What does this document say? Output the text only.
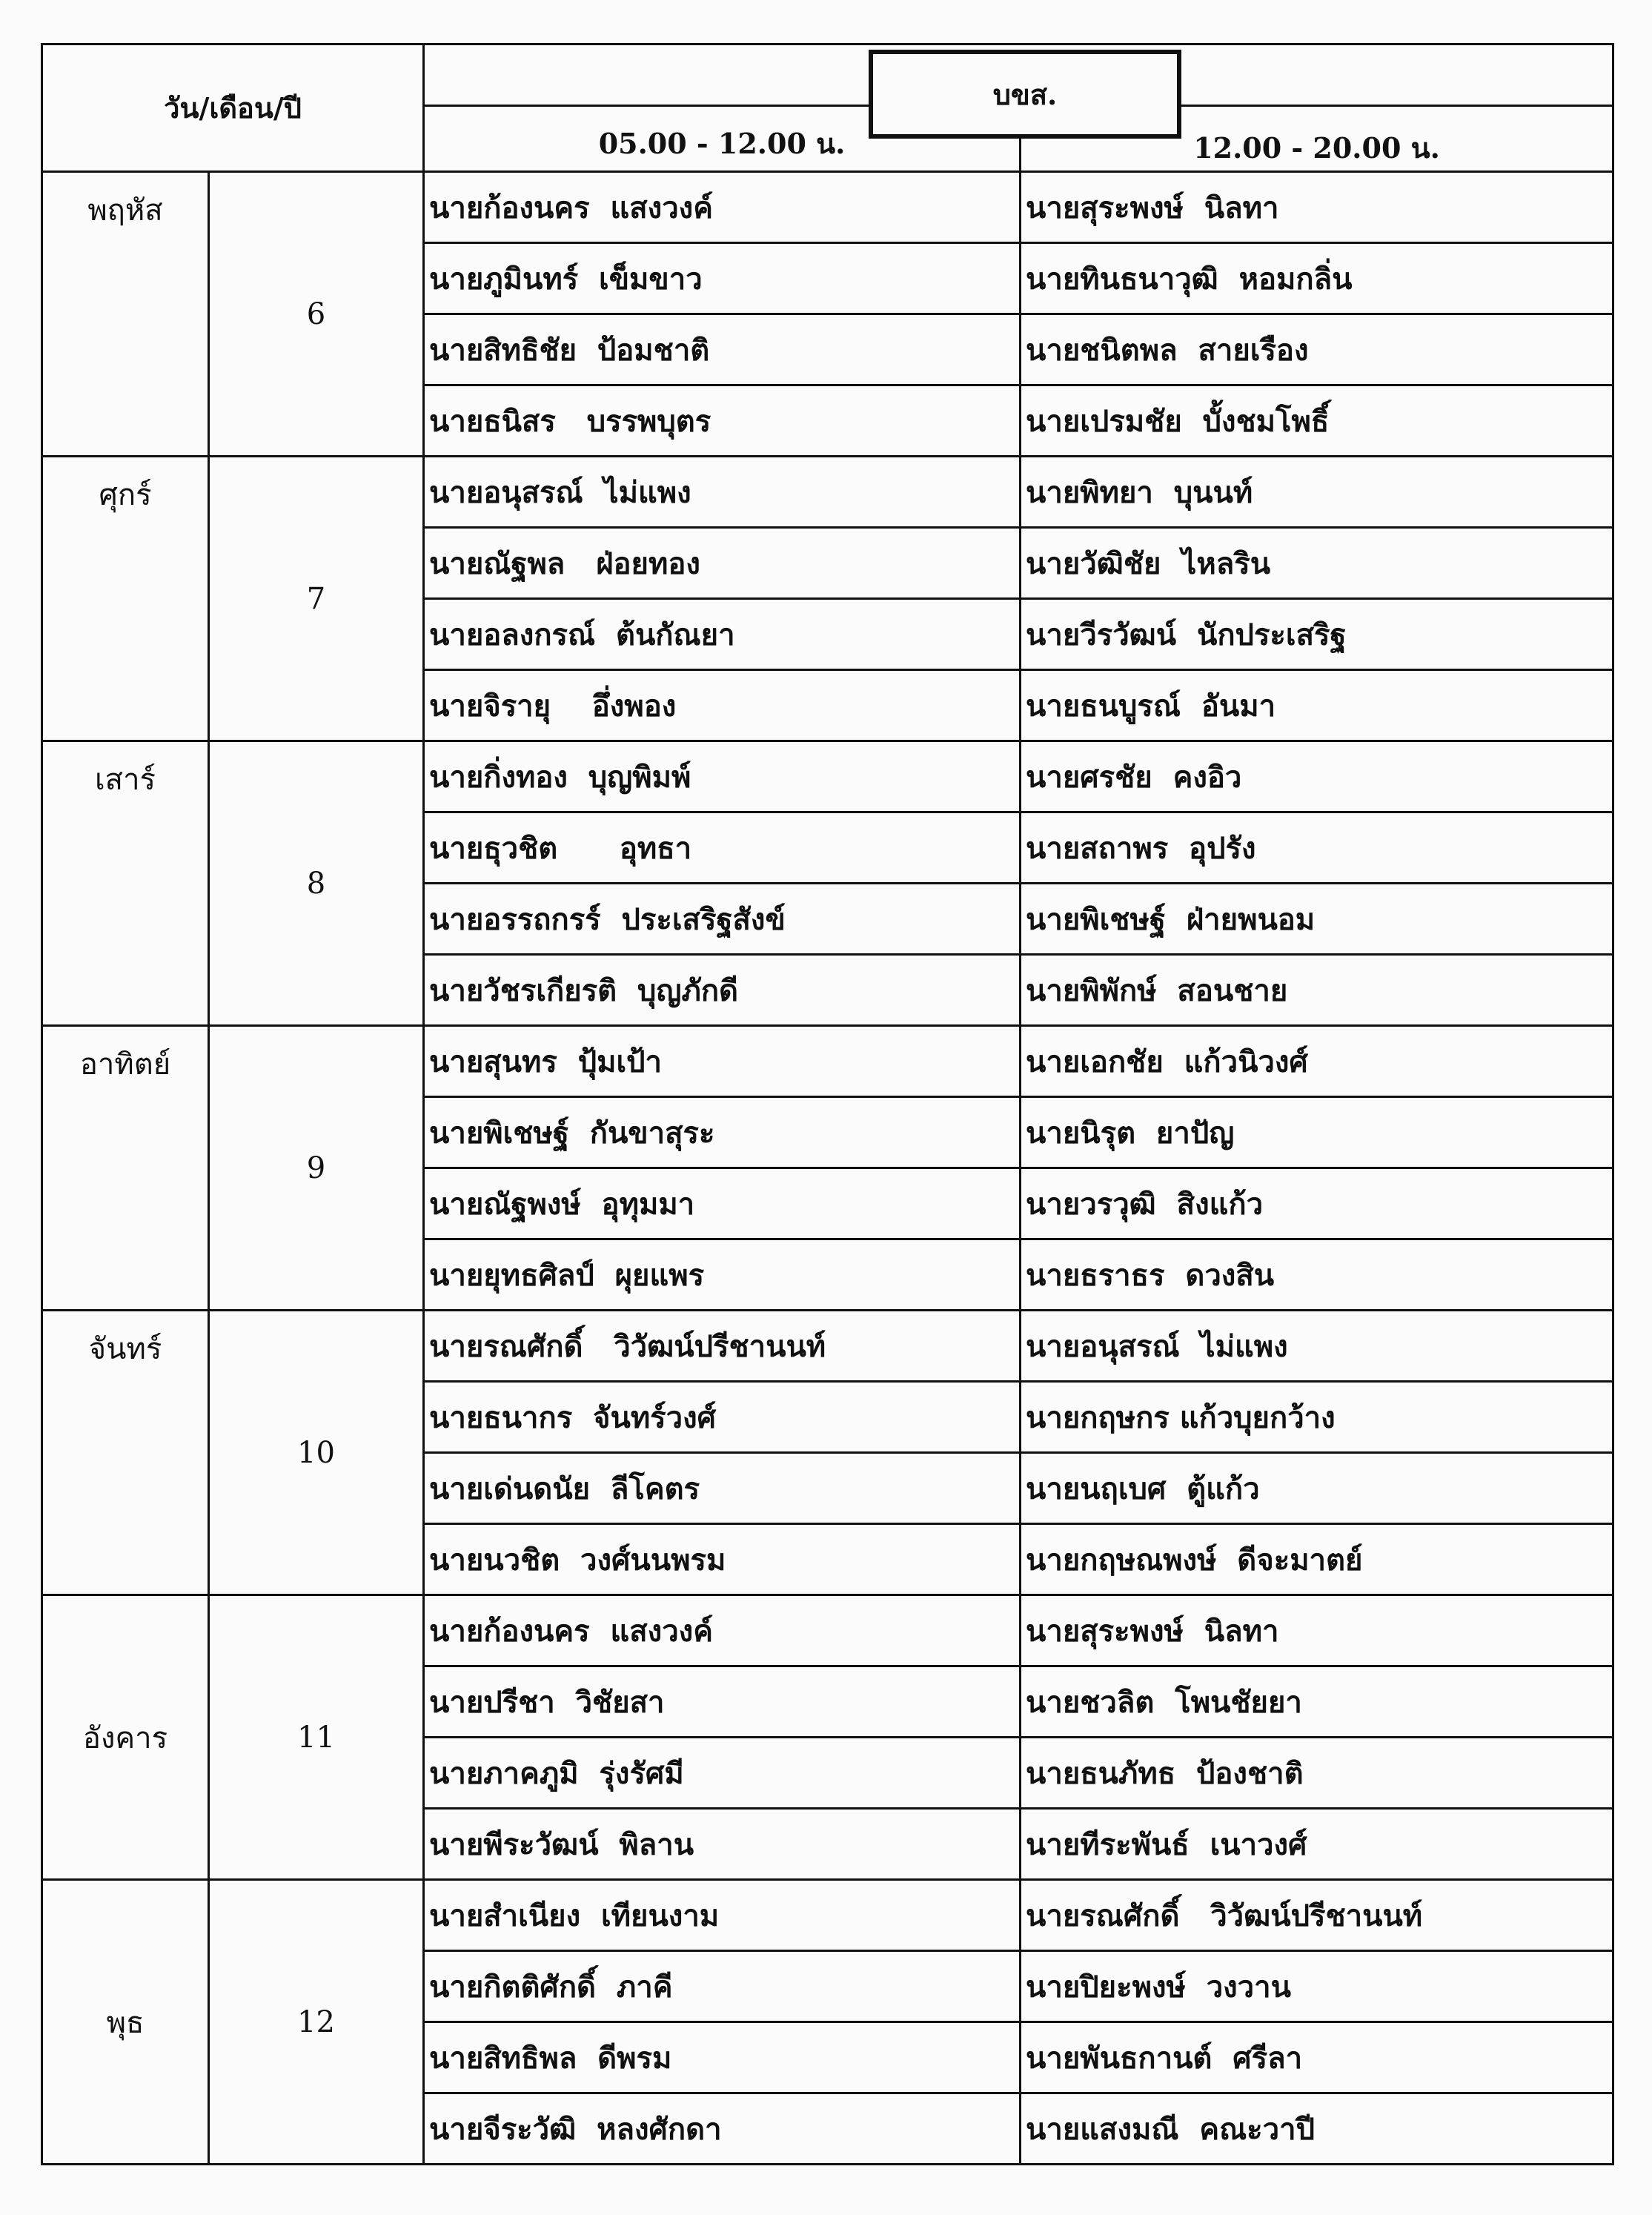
วัน/เดือน/ปี			
		05.00 - 12.00 น.	12.00 - 20.00 น.
พฤหัส	6	นายก้องนคร  แสงวงค์	นายสุระพงษ์  นิลทา
		นายภูมินทร์  เข็มขาว	นายทินธนาวุฒิ  หอมกลิ่น
		นายสิทธิชัย  ป้อมชาติ	นายชนิตพล  สายเรือง
		นายธนิสร   บรรพบุตร	นายเปรมชัย  บั้งชมโพธิ์
ศุกร์	7	นายอนุสรณ์  ไม่แพง	นายพิทยา  บุนนท์
		นายณัฐพล   ฝ่อยทอง	นายวัฒิชัย  ไหลริน
		นายอลงกรณ์  ต้นกัณยา	นายวีรวัฒน์  นักประเสริฐ
		นายจิรายุ    อึ่งพอง	นายธนบูรณ์  อันมา
เสาร์	8	นายกิ่งทอง  บุญพิมพ์	นายศรชัย  คงอิว
		นายธุวชิต      อุทธา	นายสถาพร  อุปรัง
		นายอรรถกรร์  ประเสริฐสังข์	นายพิเชษฐ์  ฝ่ายพนอม
		นายวัชรเกียรติ  บุญภักดี	นายพิพักษ์  สอนชาย
อาทิตย์	9	นายสุนทร  ปุ้มเป้า	นายเอกชัย  แก้วนิวงศ์
		นายพิเชษฐ์  กันขาสุระ	นายนิรุต  ยาปัญ
		นายณัฐพงษ์  อุทุมมา	นายวรวุฒิ  สิงแก้ว
		นายยุทธศิลป์  ผุยแพร	นายธราธร  ดวงสิน
จันทร์	10	นายรณศักดิ์   วิวัฒน์ปรีชานนท์	นายอนุสรณ์  ไม่แพง
		นายธนากร  จันทร์วงศ์	นายกฤษกร แก้วบุยกว้าง
		นายเด่นดนัย  ลีโคตร	นายนฤเบศ  ตู้แก้ว
		นายนวชิต  วงศ์นนพรม	นายกฤษณพงษ์  ดีจะมาตย์
อังคาร	11	นายก้องนคร  แสงวงค์	นายสุระพงษ์  นิลทา
		นายปรีชา  วิชัยสา	นายชวลิต  โพนชัยยา
		นายภาคภูมิ  รุ่งรัศมี	นายธนภัทธ  ป้องชาติ
		นายพีระวัฒน์  พิลาน	นายทีระพันธ์  เนาวงศ์
พุธ	12	นายสำเนียง  เทียนงาม	นายรณศักดิ์   วิวัฒน์ปรีชานนท์
		นายกิตติศักดิ์  ภาคี	นายปิยะพงษ์  วงวาน
		นายสิทธิพล  ดีพรม	นายพันธกานต์  ศรีลา
		นายจีระวัฒิ  หลงศักดา	นายแสงมณี  คณะวาปี
บขส.
